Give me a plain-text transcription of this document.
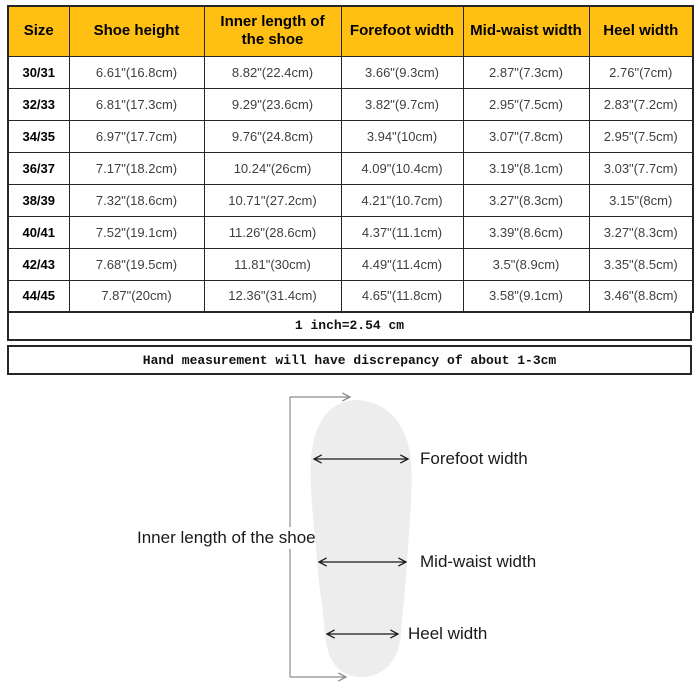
Size	Shoe height	Inner length of the shoe	Forefoot width	Mid-waist width	Heel width
30/31	6.61"(16.8cm)	8.82"(22.4cm)	3.66"(9.3cm)	2.87"(7.3cm)	2.76"(7cm)
32/33	6.81"(17.3cm)	9.29"(23.6cm)	3.82"(9.7cm)	2.95"(7.5cm)	2.83"(7.2cm)
34/35	6.97"(17.7cm)	9.76"(24.8cm)	3.94"(10cm)	3.07"(7.8cm)	2.95"(7.5cm)
36/37	7.17"(18.2cm)	10.24"(26cm)	4.09"(10.4cm)	3.19"(8.1cm)	3.03"(7.7cm)
38/39	7.32"(18.6cm)	10.71"(27.2cm)	4.21"(10.7cm)	3.27"(8.3cm)	3.15"(8cm)
40/41	7.52"(19.1cm)	11.26"(28.6cm)	4.37"(11.1cm)	3.39"(8.6cm)	3.27"(8.3cm)
42/43	7.68"(19.5cm)	11.81"(30cm)	4.49"(11.4cm)	3.5"(8.9cm)	3.35"(8.5cm)
44/45	7.87"(20cm)	12.36"(31.4cm)	4.65"(11.8cm)	3.58"(9.1cm)	3.46"(8.8cm)
1 inch=2.54 cm
Hand measurement will have discrepancy of about 1-3cm
Inner length of the shoe
Forefoot width
Mid-waist width
Heel width
